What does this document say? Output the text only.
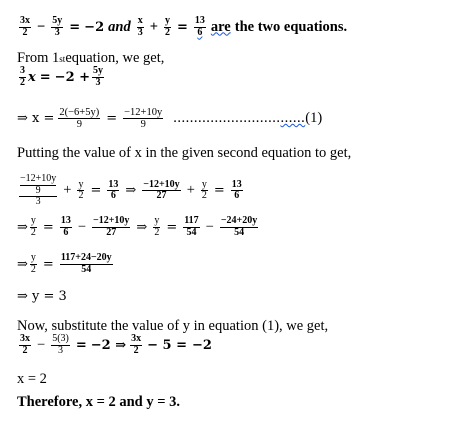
$\frac{3x}{2} - \frac{5y}{3} = -2$ and $\frac{x}{3} + \frac{y}{2} = \frac{13}{6}$ are the two equations.
From 1 st equation, we get,
$\frac{3}{2}$ $x = -2 + \frac{5y}{3}$
⇒ $x = \frac{2(-6+5y)}{9} = \frac{-12+10y}{9}$ .......................... ...... (1)
Putting the value of x in the given second equation to get,
$\frac{\frac{-12+10y}{9}}{3} + \frac{y}{2} = \frac{13}{6}$ ⇒ $\frac{-12+10y}{27} + \frac{y}{2} = \frac{13}{6}$
⇒ $\frac{y}{2} = \frac{13}{6} - \frac{-12+10y}{27}$ ⇒ $\frac{y}{2} = \frac{117}{54} - \frac{-24+20y}{54}$
⇒ $\frac{y}{2} = \frac{117+24-20y}{54}$
⇒ y = 3
Now, substitute the value of y in equation (1), we get,
$\frac{3x}{2} - \frac{5(3)}{3} = -2$ ⇒ $\frac{3x}{2} - 5 = -2$
x = 2
Therefore, x = 2 and y = 3.
